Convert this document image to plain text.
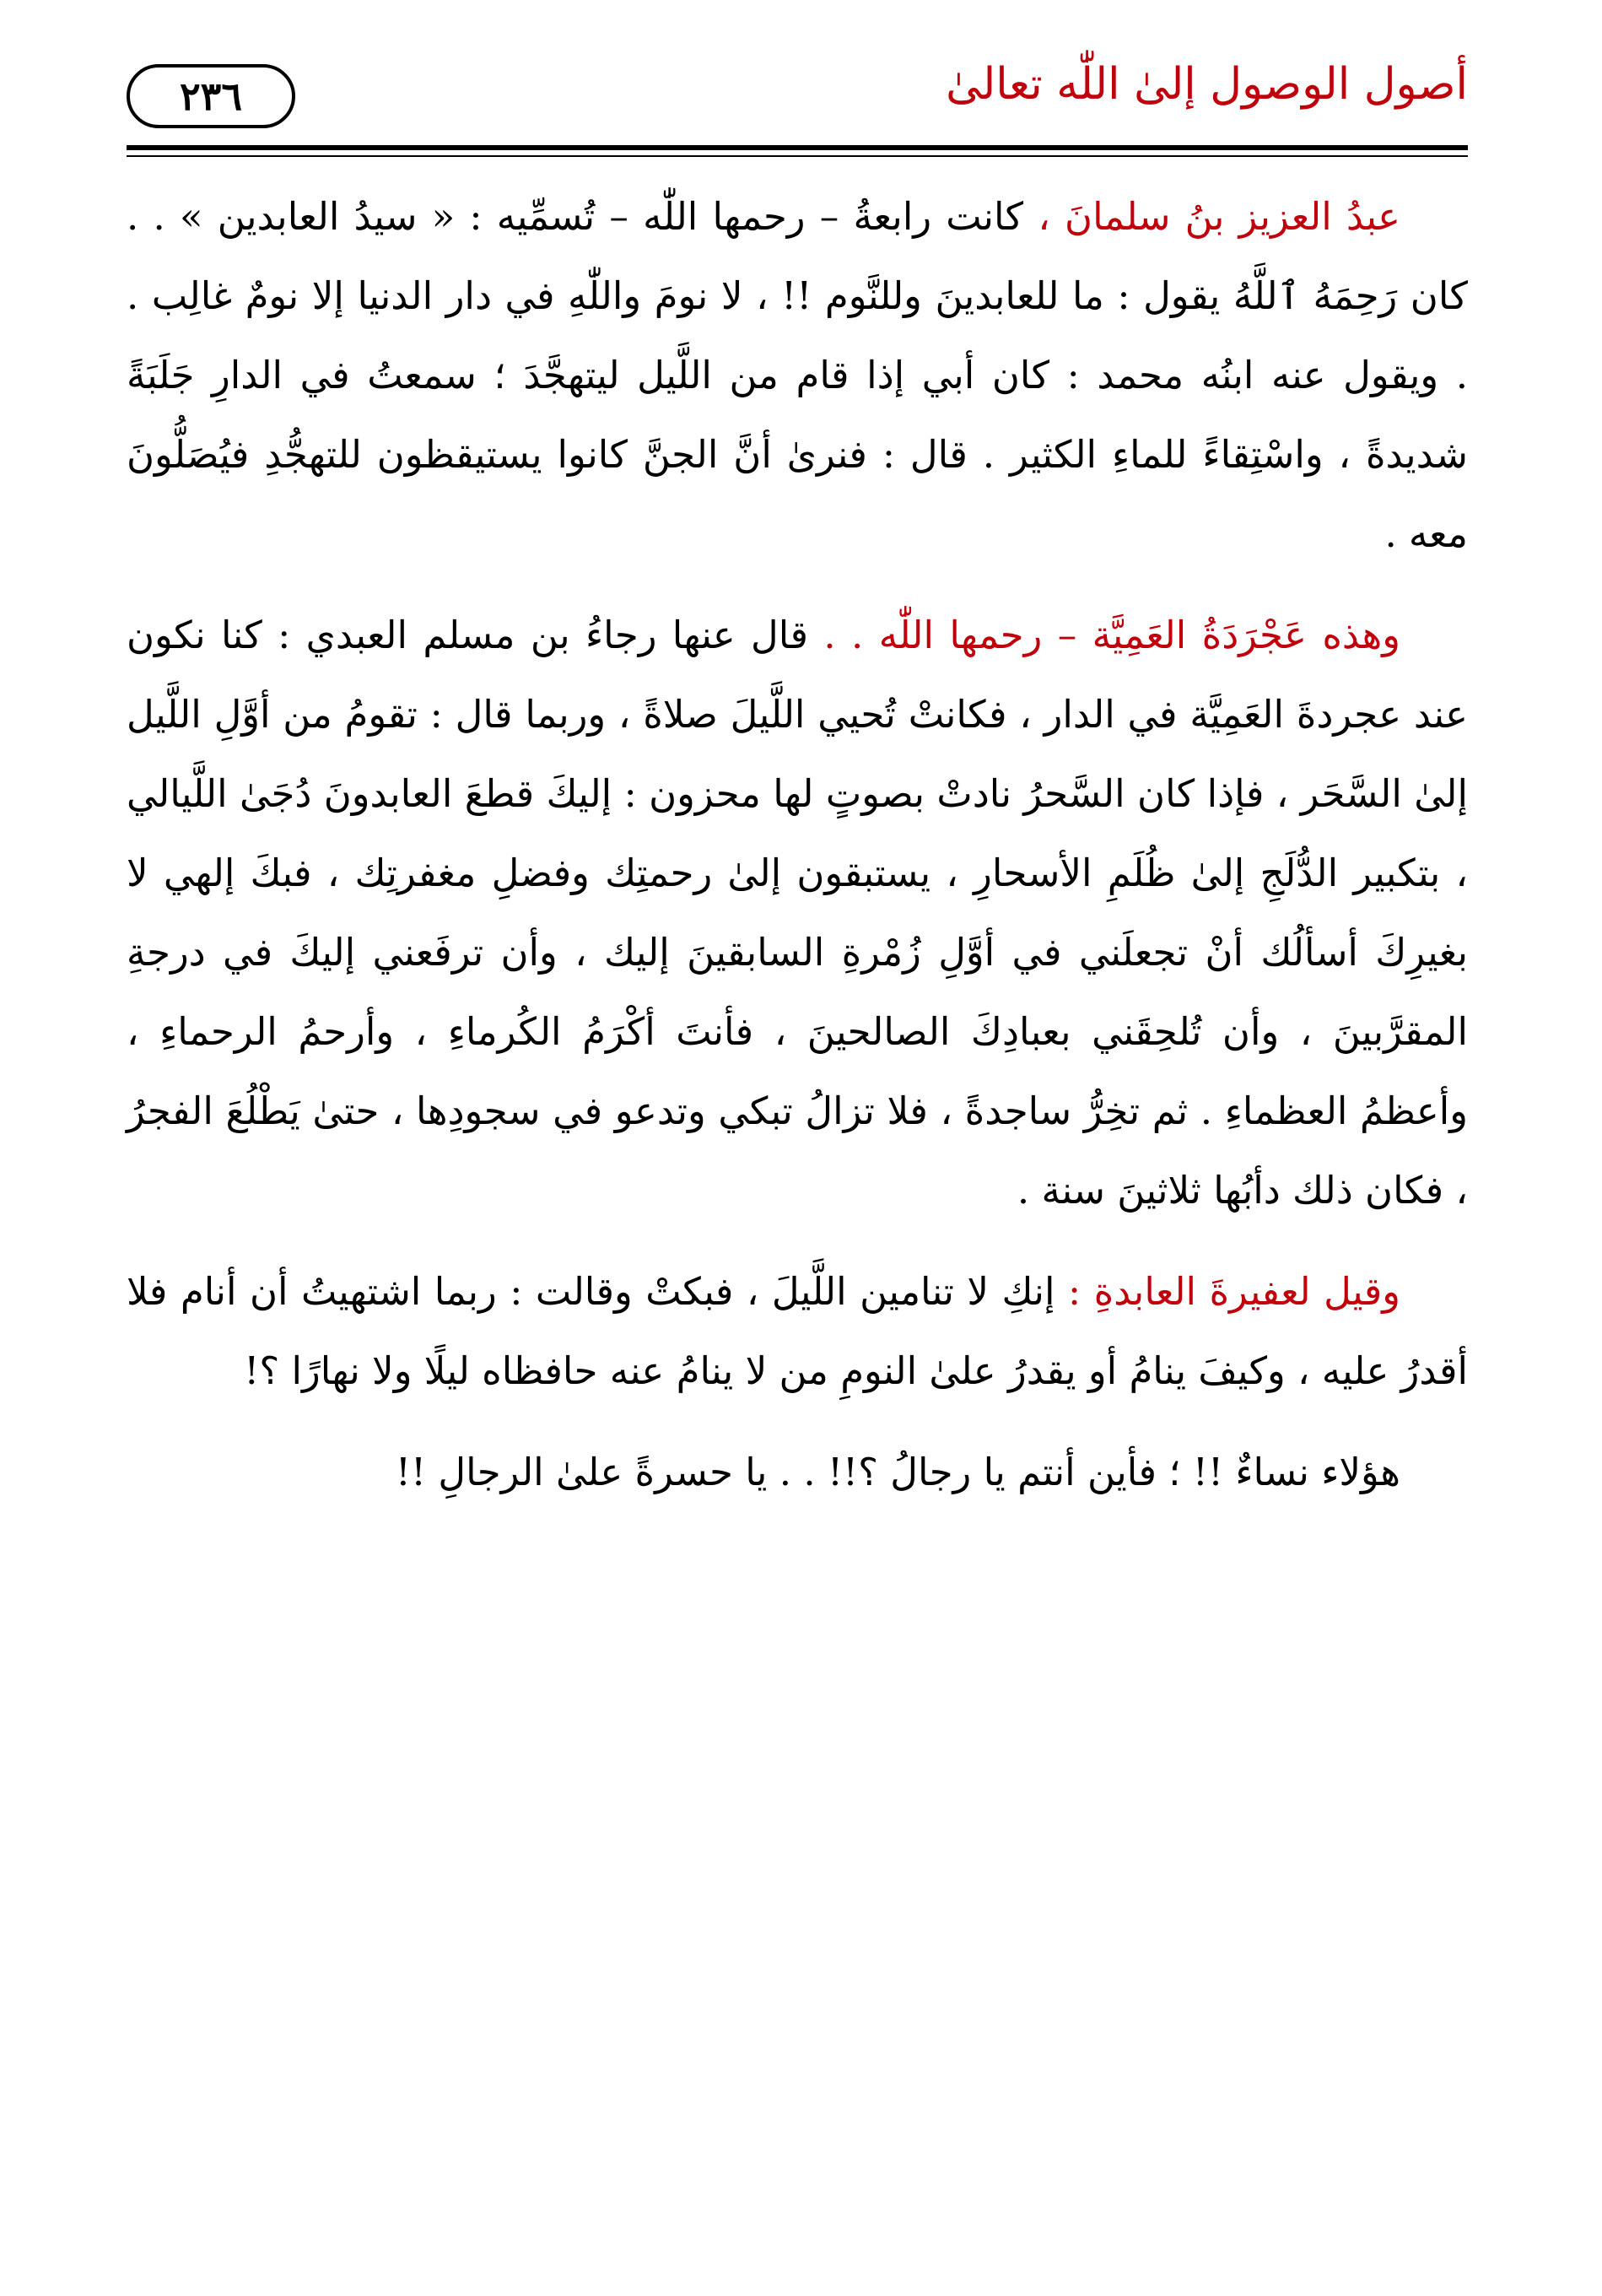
أصول الوصول إلىٰ اللّٰه تعالىٰ
٢٣٦

عبدُ العزيز بنُ سلمانَ ، كانت رابعةُ – رحمها اللّٰه – تُسمِّيه : « سيدُ العابدين » . . كان رَحِمَهُ ٱللَّهُ يقول : ما للعابدينَ وللنَّوم !! ، لا نومَ واللّٰهِ في دار الدنيا إلا نومٌ غالِب . . ويقول عنه ابنُه محمد : كان أبي إذا قام من اللَّيل ليتهجَّدَ ؛ سمعتُ في الدارِ جَلَبَةً شديدةً ، واسْتِقاءً للماءِ الكثير . قال : فنرىٰ أنَّ الجنَّ كانوا يستيقظون للتهجُّدِ فيُصَلُّونَ معه .

وهذه عَجْرَدَةُ العَمِيَّة – رحمها اللّٰه . . قال عنها رجاءُ بن مسلم العبدي : كنا نكون عند عجردةَ العَمِيَّة في الدار ، فكانتْ تُحيي اللَّيلَ صلاةً ، وربما قال : تقومُ من أوَّلِ اللَّيل إلىٰ السَّحَر ، فإذا كان السَّحرُ نادتْ بصوتٍ لها محزون : إليكَ قطعَ العابدونَ دُجَىٰ اللَّيالي ، بتكبير الدُّلَجِ إلىٰ ظُلَمِ الأسحارِ ، يستبقون إلىٰ رحمتِك وفضلِ مغفرتِك ، فبكَ إلهي لا بغيرِكَ أسألُك أنْ تجعلَني في أوَّلِ زُمْرةِ السابقينَ إليك ، وأن ترفَعني إليكَ في درجةِ المقرَّبينَ ، وأن تُلحِقَني بعبادِكَ الصالحينَ ، فأنتَ أكْرَمُ الكُرماءِ ، وأرحمُ الرحماءِ ، وأعظمُ العظماءِ . ثم تخِرُّ ساجدةً ، فلا تزالُ تبكي وتدعو في سجودِها ، حتىٰ يَطْلُعَ الفجرُ ، فكان ذلك دأبُها ثلاثينَ سنة .

وقيل لعفيرةَ العابدةِ : إنكِ لا تنامين اللَّيلَ ، فبكتْ وقالت : ربما اشتهيتُ أن أنام فلا أقدرُ عليه ، وكيفَ ينامُ أو يقدرُ علىٰ النومِ من لا ينامُ عنه حافظاه ليلًا ولا نهارًا ؟!

هؤلاء نساءٌ !! ؛ فأين أنتم يا رجالُ ؟!! . . يا حسرةً علىٰ الرجالِ !!
